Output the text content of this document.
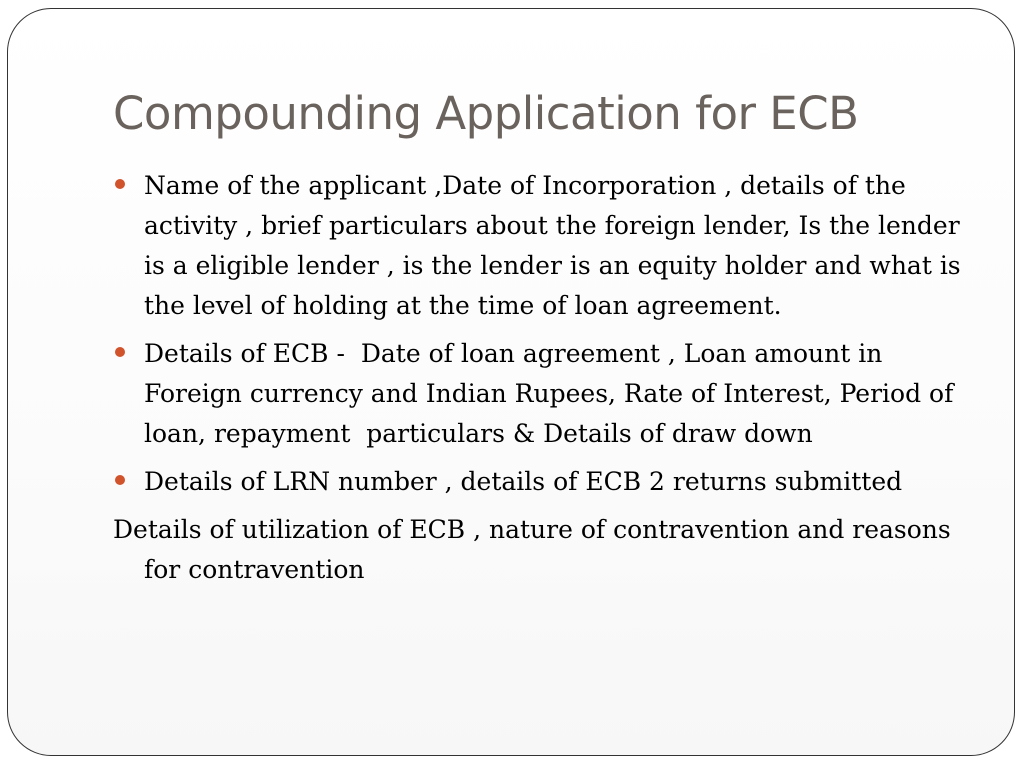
Compounding Application for ECB
Name of the applicant ,Date of Incorporation , details of the activity , brief particulars about the foreign lender, Is the lender is a eligible lender , is the lender is an equity holder and what is the level of holding at the time of loan agreement.
Details of ECB -  Date of loan agreement , Loan amount in Foreign currency and Indian Rupees, Rate of Interest, Period of loan, repayment  particulars & Details of draw down
Details of LRN number , details of ECB 2 returns submitted

Details of utilization of ECB , nature of contravention and reasons for contravention
